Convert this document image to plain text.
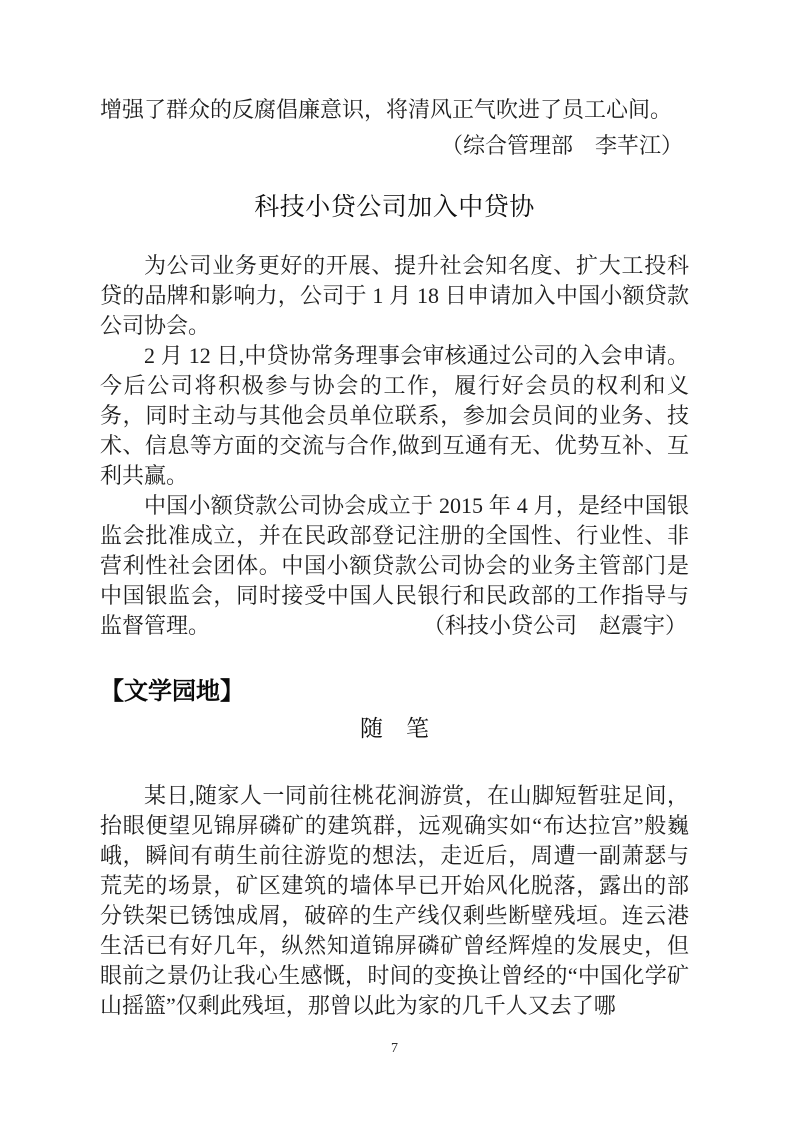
增强了群众的反腐倡廉意识，将清风正气吹进了员工心间。

（综合管理部　李芊江）

科技小贷公司加入中贷协

为公司业务更好的开展、提升社会知名度、扩大工投科贷的品牌和影响力，公司于 1 月 18 日申请加入中国小额贷款公司协会。

2 月 12 日,中贷协常务理事会审核通过公司的入会申请。今后公司将积极参与协会的工作，履行好会员的权利和义务，同时主动与其他会员单位联系，参加会员间的业务、技术、信息等方面的交流与合作,做到互通有无、优势互补、互利共赢。

中国小额贷款公司协会成立于 2015 年 4 月，是经中国银监会批准成立，并在民政部登记注册的全国性、行业性、非营利性社会团体。中国小额贷款公司协会的业务主管部门是中国银监会，同时接受中国人民银行和民政部的工作指导与监督管理。	（科技小贷公司　赵震宇）

【文学园地】
随　笔

某日,随家人一同前往桃花涧游赏，在山脚短暂驻足间，抬眼便望见锦屏磷矿的建筑群，远观确实如“布达拉宫”般巍峨，瞬间有萌生前往游览的想法，走近后，周遭一副萧瑟与荒芜的场景，矿区建筑的墙体早已开始风化脱落，露出的部分铁架已锈蚀成屑，破碎的生产线仅剩些断壁残垣。连云港生活已有好几年，纵然知道锦屏磷矿曾经辉煌的发展史，但眼前之景仍让我心生感慨，时间的变换让曾经的“中国化学矿山摇篮”仅剩此残垣，那曾以此为家的几千人又去了哪

7
